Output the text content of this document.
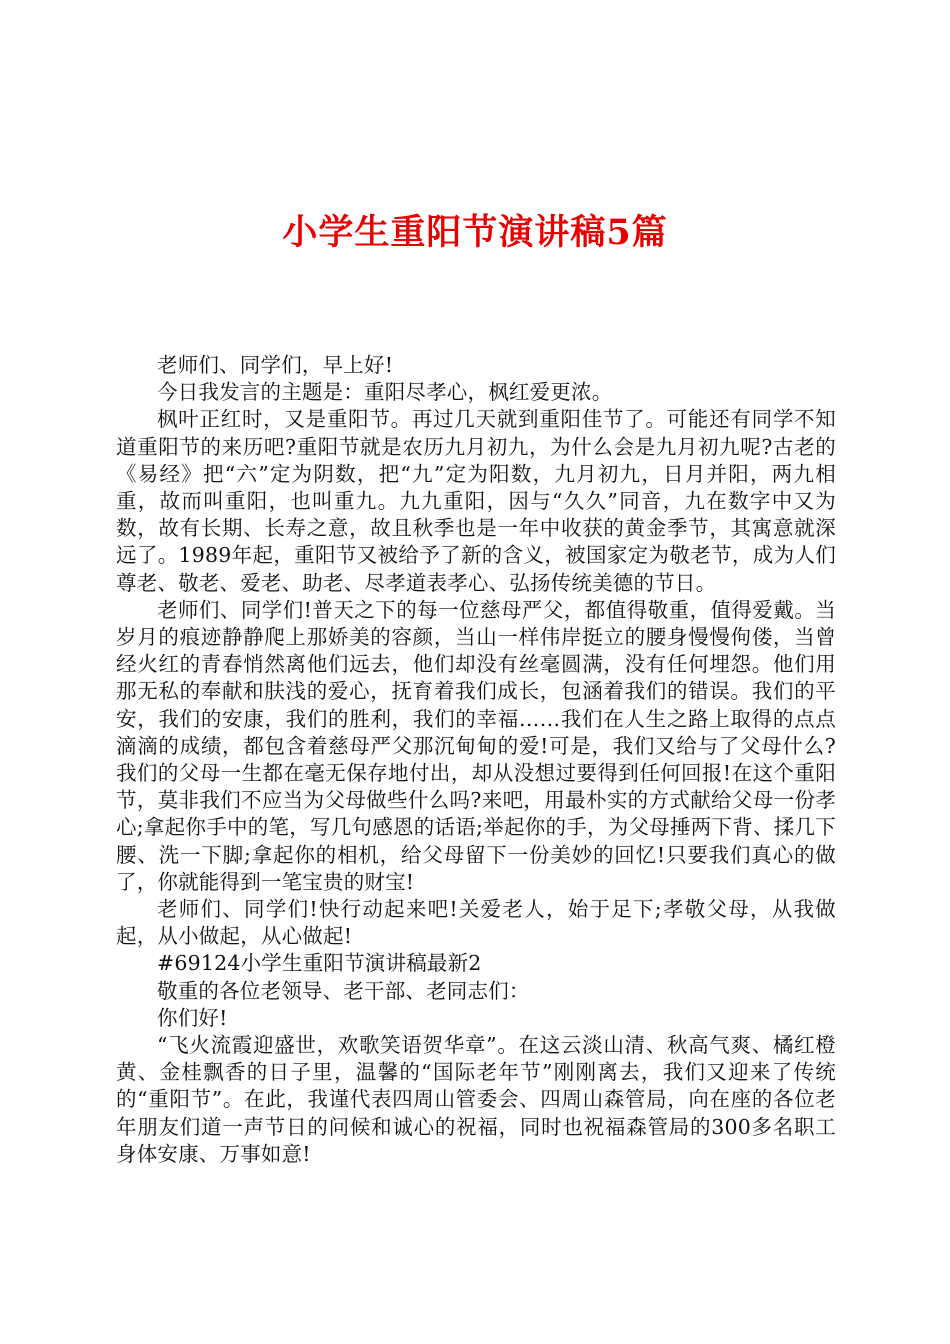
小学生重阳节演讲稿5篇

老师们、同学们，早上好!

今日我发言的主题是：重阳尽孝心，枫红爱更浓。

枫叶正红时，又是重阳节。再过几天就到重阳佳节了。可能还有同学不知道重阳节的来历吧?重阳节就是农历九月初九，为什么会是九月初九呢?古老的《易经》把“六”定为阴数，把“九”定为阳数，九月初九，日月并阳，两九相重，故而叫重阳，也叫重九。九九重阳，因与“久久”同音，九在数字中又为数，故有长期、长寿之意，故且秋季也是一年中收获的黄金季节，其寓意就深远了。1989年起，重阳节又被给予了新的含义，被国家定为敬老节，成为人们尊老、敬老、爱老、助老、尽孝道表孝心、弘扬传统美德的节日。

老师们、同学们!普天之下的每一位慈母严父，都值得敬重，值得爱戴。当岁月的痕迹静静爬上那娇美的容颜，当山一样伟岸挺立的腰身慢慢佝偻，当曾经火红的青春悄然离他们远去，他们却没有丝毫圆满，没有任何埋怨。他们用那无私的奉献和肤浅的爱心，抚育着我们成长，包涵着我们的错误。我们的平安，我们的安康，我们的胜利，我们的幸福……我们在人生之路上取得的点点滴滴的成绩，都包含着慈母严父那沉甸甸的爱!可是，我们又给与了父母什么?我们的父母一生都在毫无保存地付出，却从没想过要得到任何回报!在这个重阳节，莫非我们不应当为父母做些什么吗?来吧，用最朴实的方式献给父母一份孝心;拿起你手中的笔，写几句感恩的话语;举起你的手，为父母捶两下背、揉几下腰、洗一下脚;拿起你的相机，给父母留下一份美妙的回忆!只要我们真心的做了，你就能得到一笔宝贵的财宝!

老师们、同学们!快行动起来吧!关爱老人，始于足下;孝敬父母，从我做起，从小做起，从心做起!

#69124小学生重阳节演讲稿最新2

敬重的各位老领导、老干部、老同志们：

你们好!

“飞火流霞迎盛世，欢歌笑语贺华章”。在这云淡山清、秋高气爽、橘红橙黄、金桂飘香的日子里，温馨的“国际老年节”刚刚离去，我们又迎来了传统的“重阳节”。在此，我谨代表四周山管委会、四周山森管局，向在座的各位老年朋友们道一声节日的问候和诚心的祝福，同时也祝福森管局的300多名职工身体安康、万事如意!
